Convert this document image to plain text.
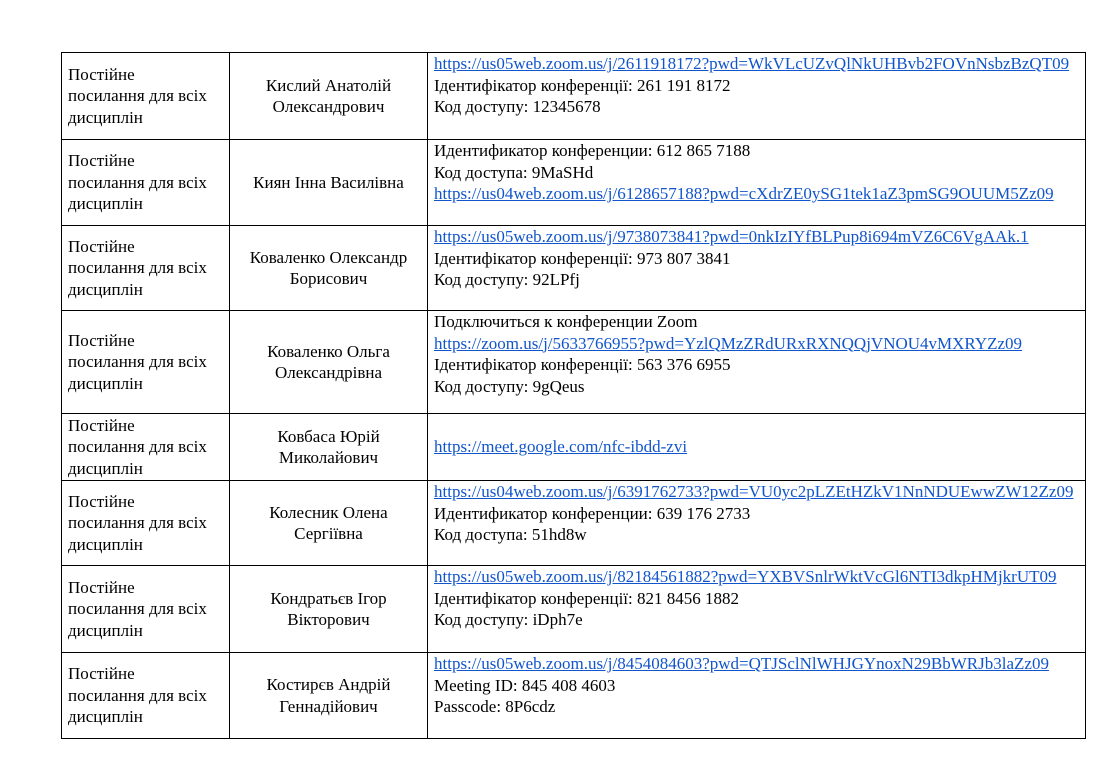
Постійне
посилання для всіх
дисциплін	Кислий Анатолій
Олександрович	https://us05web.zoom.us/j/2611918172?pwd=WkVLcUZvQlNkUHBvb2FOVnNsbzBzQT09
Ідентифікатор конференції: 261 191 8172
Код доступу: 12345678

Постійне
посилання для всіх
дисциплін	Киян Інна Василівна	Идентификатор конференции: 612 865 7188
Код доступа: 9MaSHd
https://us04web.zoom.us/j/6128657188?pwd=cXdrZE0ySG1tek1aZ3pmSG9OUUM5Zz09

Постійне
посилання для всіх
дисциплін	Коваленко Олександр
Борисович	https://us05web.zoom.us/j/9738073841?pwd=0nkIzIYfBLPup8i694mVZ6C6VgAAk.1
Ідентифікатор конференції: 973 807 3841
Код доступу: 92LPfj

Постійне
посилання для всіх
дисциплін	Коваленко Ольга
Олександрівна	Подключиться к конференции Zoom
https://zoom.us/j/5633766955?pwd=YzlQMzZRdURxRXNQQjVNOU4vMXRYZz09
Ідентифікатор конференції: 563 376 6955
Код доступу: 9gQeus

Постійне
посилання для всіх
дисциплін	Ковбаса Юрій
Миколайович	https://meet.google.com/nfc-ibdd-zvi

Постійне
посилання для всіх
дисциплін	Колесник Олена
Сергіївна	https://us04web.zoom.us/j/6391762733?pwd=VU0yc2pLZEtHZkV1NnNDUEwwZW12Zz09
Идентификатор конференции: 639 176 2733
Код доступа: 51hd8w

Постійне
посилання для всіх
дисциплін	Кондратьєв Ігор
Вікторович	https://us05web.zoom.us/j/82184561882?pwd=YXBVSnlrWktVcGl6NTI3dkpHMjkrUT09
Ідентифікатор конференції: 821 8456 1882
Код доступу: iDph7e

Постійне
посилання для всіх
дисциплін	Костирєв Андрій
Геннадійович	https://us05web.zoom.us/j/8454084603?pwd=QTJSclNlWHJGYnoxN29BbWRJb3laZz09
Meeting ID: 845 408 4603
Passcode: 8P6cdz
